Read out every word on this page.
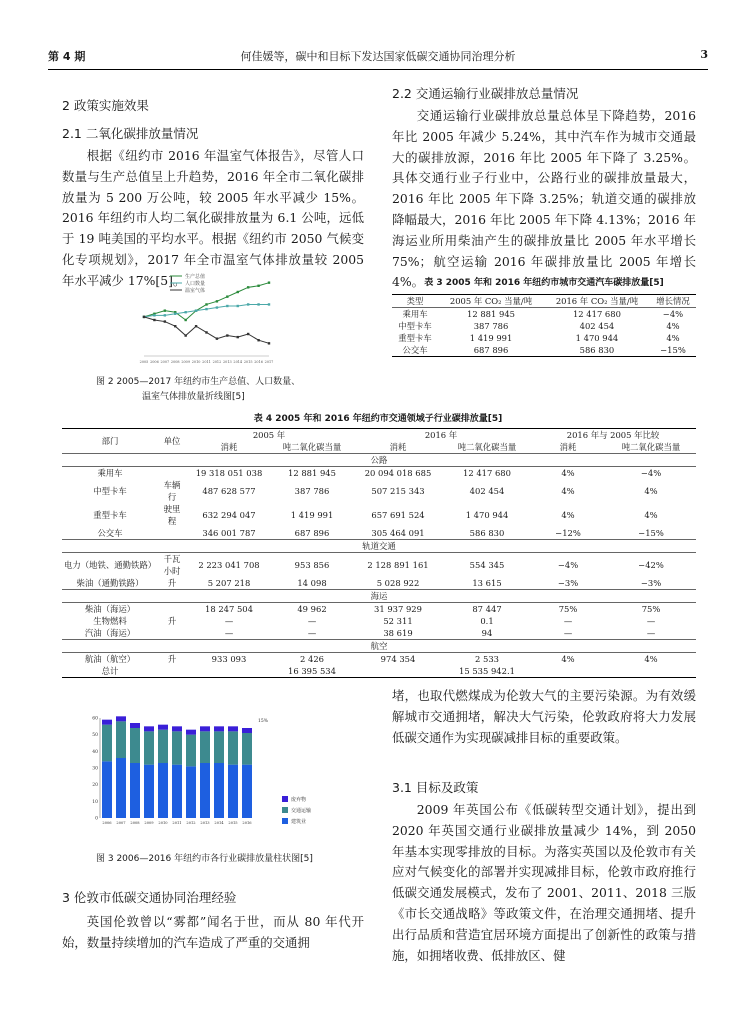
第 4 期	何佳媛等，碳中和目标下发达国家低碳交通协同治理分析	3
2 政策实施效果
2.1 二氧化碳排放量情况

根据《纽约市 2016 年温室气体报告》，尽管人口数量与生产总值呈上升趋势，2016 年全市二氧化碳排放量为 5 200 万公吨，较 2005 年水平减少 15%。2016 年纽约市人均二氧化碳排放量为 6.1 公吨，远低于 19 吨美国的平均水平。根据《纽约市 2050 气候变化专项规划》，2017 年全市温室气体排放量较 2005 年水平减少 17%[5]。 生产总值
人口数量
温室气体
2005 2006 2007 2008 2009 2010 2011 2012 2013 2014 2015 2016 2017
图 2 2005—2017 年纽约市生产总值、人口数量、
温室气体排放量折线图[5]
2.2 交通运输行业碳排放总量情况

交通运输行业碳排放总量总体呈下降趋势，2016 年比 2005 年减少 5.24%，其中汽车作为城市交通最大的碳排放源，2016 年比 2005 年下降了 3.25%。具体交通行业子行业中，公路行业的碳排放量最大，2016 年比 2005 年下降 3.25%；轨道交通的碳排放降幅最大，2016 年比 2005 年下降 4.13%；2016 年海运业所用柴油产生的碳排放量比 2005 年水平增长 75%；航空运输 2016 年碳排放量比 2005 年增长 4%。 表 3 2005 年和 2016 年纽约市城市交通汽车碳排放量[5]
类型	2005 年 CO₂ 当量/吨	2016 年 CO₂ 当量/吨	增长情况
乘用车	12 881 945	12 417 680	−4%
中型卡车	387 786	402 454	4%
重型卡车	1 419 991	1 470 944	4%
公交车	687 896	586 830	−15%
表 4 2005 年和 2016 年纽约市交通领域子行业碳排放量[5]
部门	单位	2005 年		2016 年		2016 年与 2005 年比较	
		消耗	吨二氧化碳当量	消耗	吨二氧化碳当量	消耗	吨二氧化碳当量
公路							
乘用车		19 318 051 038	12 881 945	20 094 018 685	12 417 680	4%	−4%
中型卡车	车辆行	487 628 577	387 786	507 215 343	402 454	4%	4%
重型卡车	驶里程	632 294 047	1 419 991	657 691 524	1 470 944	4%	4%
公交车		346 001 787	687 896	305 464 091	586 830	−12%	−15%
轨道交通							
电力（地铁、通勤铁路）	千瓦小时	2 223 041 708	953 856	2 128 891 161	554 345	−4%	−42%
柴油（通勤铁路）	升	5 207 218	14 098	5 028 922	13 615	−3%	−3%
海运							
柴油（海运）		18 247 504	49 962	31 937 929	87 447	75%	75%
生物燃料	升	—	—	52 311	0.1	—	—
汽油（海运）		—	—	38 619	94	—	—
航空							
航油（航空）	升	933 093	2 426	974 354	2 533	4%	4%
总计			16 395 534		15 535 942.1		
0
10
20
30
40
50
60
2006 2007 2008 2009 2010 2011 2012 2013 2014 2015 2016
15%
废弃物
交通运输
建筑业
图 3 2006—2016 年纽约市各行业碳排放量柱状图[5]
3 伦敦市低碳交通协同治理经验

英国伦敦曾以“雾都”闻名于世，而从 80 年代开始，数量持续增加的汽车造成了严重的交通拥

堵，也取代燃煤成为伦敦大气的主要污染源。为有效缓解城市交通拥堵，解决大气污染，伦敦政府将大力发展低碳交通作为实现碳减排目标的重要政策。
3.1 目标及政策

2009 年英国公布《低碳转型交通计划》，提出到 2020 年英国交通行业碳排放量减少 14%，到 2050 年基本实现零排放的目标。为落实英国以及伦敦市有关应对气候变化的部署并实现减排目标，伦敦市政府推行低碳交通发展模式，发布了 2001、2011、2018 三版《市长交通战略》等政策文件，在治理交通拥堵、提升出行品质和营造宜居环境方面提出了创新性的政策与措施，如拥堵收费、低排放区、健
